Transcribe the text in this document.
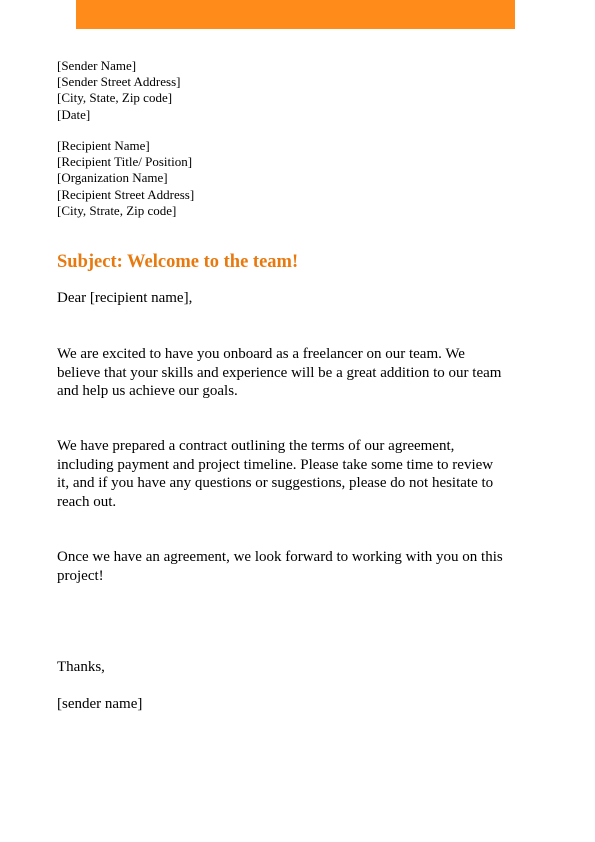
[Sender Name]
[Sender Street Address]
[City, State, Zip code]
[Date]
[Recipient Name]
[Recipient Title/ Position]
[Organization Name]
[Recipient Street Address]
[City, Strate, Zip code]
Subject: Welcome to the team!
Dear [recipient name],
We are excited to have you onboard as a freelancer on our team. We
believe that your skills and experience will be a great addition to our team
and help us achieve our goals.
We have prepared a contract outlining the terms of our agreement,
including payment and project timeline. Please take some time to review
it, and if you have any questions or suggestions, please do not hesitate to
reach out.
Once we have an agreement, we look forward to working with you on this
project!
Thanks,
[sender name]
